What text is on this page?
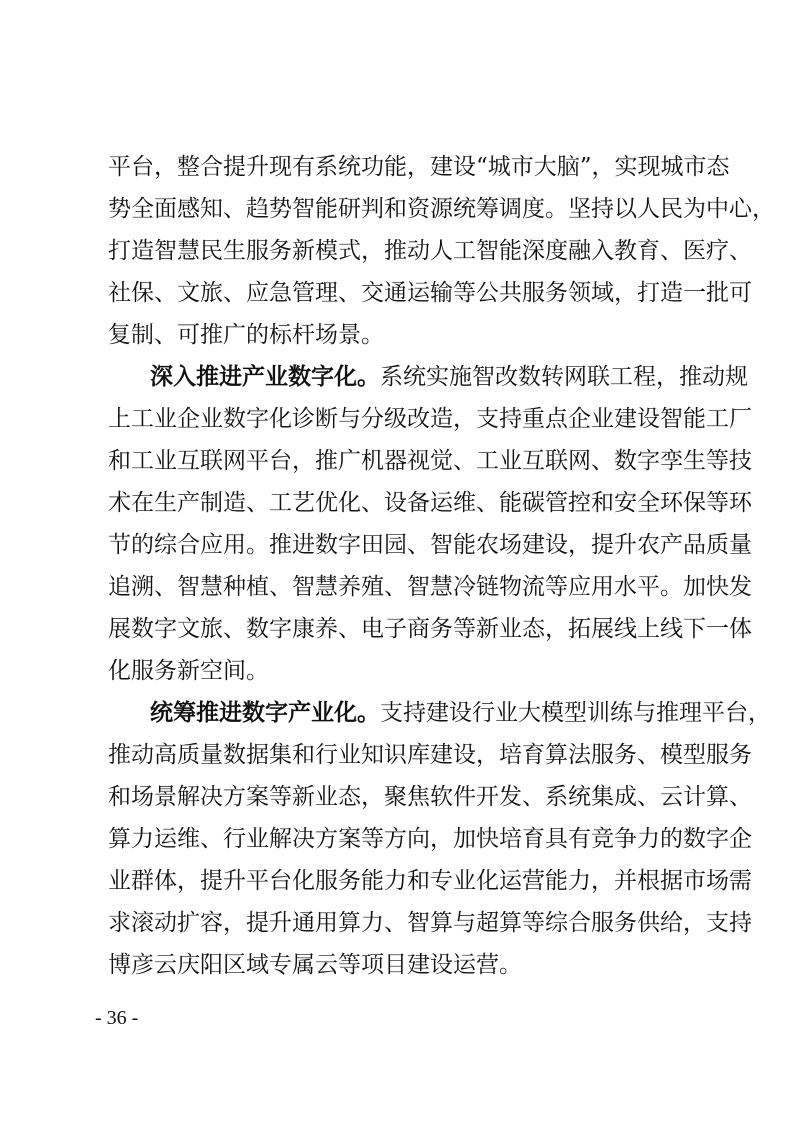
平台，整合提升现有系统功能，建设“城市大脑”，实现城市态
势全面感知、趋势智能研判和资源统筹调度。坚持以人民为中心，
打造智慧民生服务新模式，推动人工智能深度融入教育、医疗、
社保、文旅、应急管理、交通运输等公共服务领域，打造一批可
复制、可推广的标杆场景。
深入推进产业数字化。系统实施智改数转网联工程，推动规
上工业企业数字化诊断与分级改造，支持重点企业建设智能工厂
和工业互联网平台，推广机器视觉、工业互联网、数字孪生等技
术在生产制造、工艺优化、设备运维、能碳管控和安全环保等环
节的综合应用。推进数字田园、智能农场建设，提升农产品质量
追溯、智慧种植、智慧养殖、智慧冷链物流等应用水平。加快发
展数字文旅、数字康养、电子商务等新业态，拓展线上线下一体
化服务新空间。
统筹推进数字产业化。支持建设行业大模型训练与推理平台，
推动高质量数据集和行业知识库建设，培育算法服务、模型服务
和场景解决方案等新业态，聚焦软件开发、系统集成、云计算、
算力运维、行业解决方案等方向，加快培育具有竞争力的数字企
业群体，提升平台化服务能力和专业化运营能力，并根据市场需
求滚动扩容，提升通用算力、智算与超算等综合服务供给，支持
博彦云庆阳区域专属云等项目建设运营。
- 36 -
